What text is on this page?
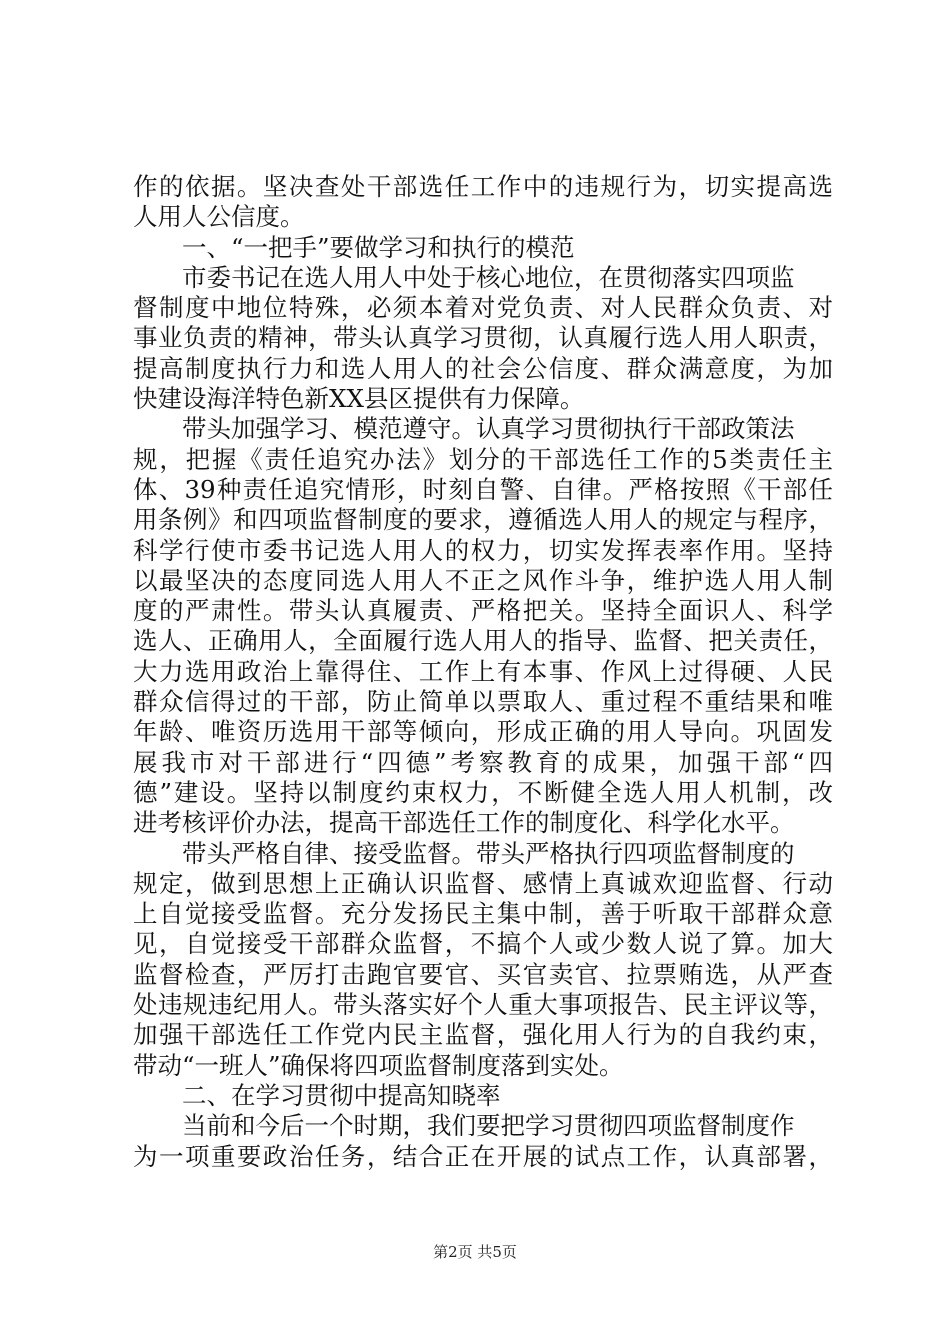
作的依据。坚决查处干部选任工作中的违规行为，切实提高选
人用人公信度。
一、“一把手”要做学习和执行的模范
市委书记在选人用人中处于核心地位，在贯彻落实四项监
督制度中地位特殊，必须本着对党负责、对人民群众负责、对
事业负责的精神，带头认真学习贯彻，认真履行选人用人职责，
提高制度执行力和选人用人的社会公信度、群众满意度，为加
快建设海洋特色新XX县区提供有力保障。
带头加强学习、模范遵守。认真学习贯彻执行干部政策法
规，把握《责任追究办法》划分的干部选任工作的5类责任主
体、39种责任追究情形，时刻自警、自律。严格按照《干部任
用条例》和四项监督制度的要求，遵循选人用人的规定与程序，
科学行使市委书记选人用人的权力，切实发挥表率作用。坚持
以最坚决的态度同选人用人不正之风作斗争，维护选人用人制
度的严肃性。带头认真履责、严格把关。坚持全面识人、科学
选人、正确用人，全面履行选人用人的指导、监督、把关责任，
大力选用政治上靠得住、工作上有本事、作风上过得硬、人民
群众信得过的干部，防止简单以票取人、重过程不重结果和唯
年龄、唯资历选用干部等倾向，形成正确的用人导向。巩固发
展我市对干部进行“四德”考察教育的成果，加强干部“四
德”建设。坚持以制度约束权力，不断健全选人用人机制，改
进考核评价办法，提高干部选任工作的制度化、科学化水平。
带头严格自律、接受监督。带头严格执行四项监督制度的
规定，做到思想上正确认识监督、感情上真诚欢迎监督、行动
上自觉接受监督。充分发扬民主集中制，善于听取干部群众意
见，自觉接受干部群众监督，不搞个人或少数人说了算。加大
监督检查，严厉打击跑官要官、买官卖官、拉票贿选，从严查
处违规违纪用人。带头落实好个人重大事项报告、民主评议等，
加强干部选任工作党内民主监督，强化用人行为的自我约束，
带动“一班人”确保将四项监督制度落到实处。
二、在学习贯彻中提高知晓率
当前和今后一个时期，我们要把学习贯彻四项监督制度作
为一项重要政治任务，结合正在开展的试点工作，认真部署，
第2页 共5页
